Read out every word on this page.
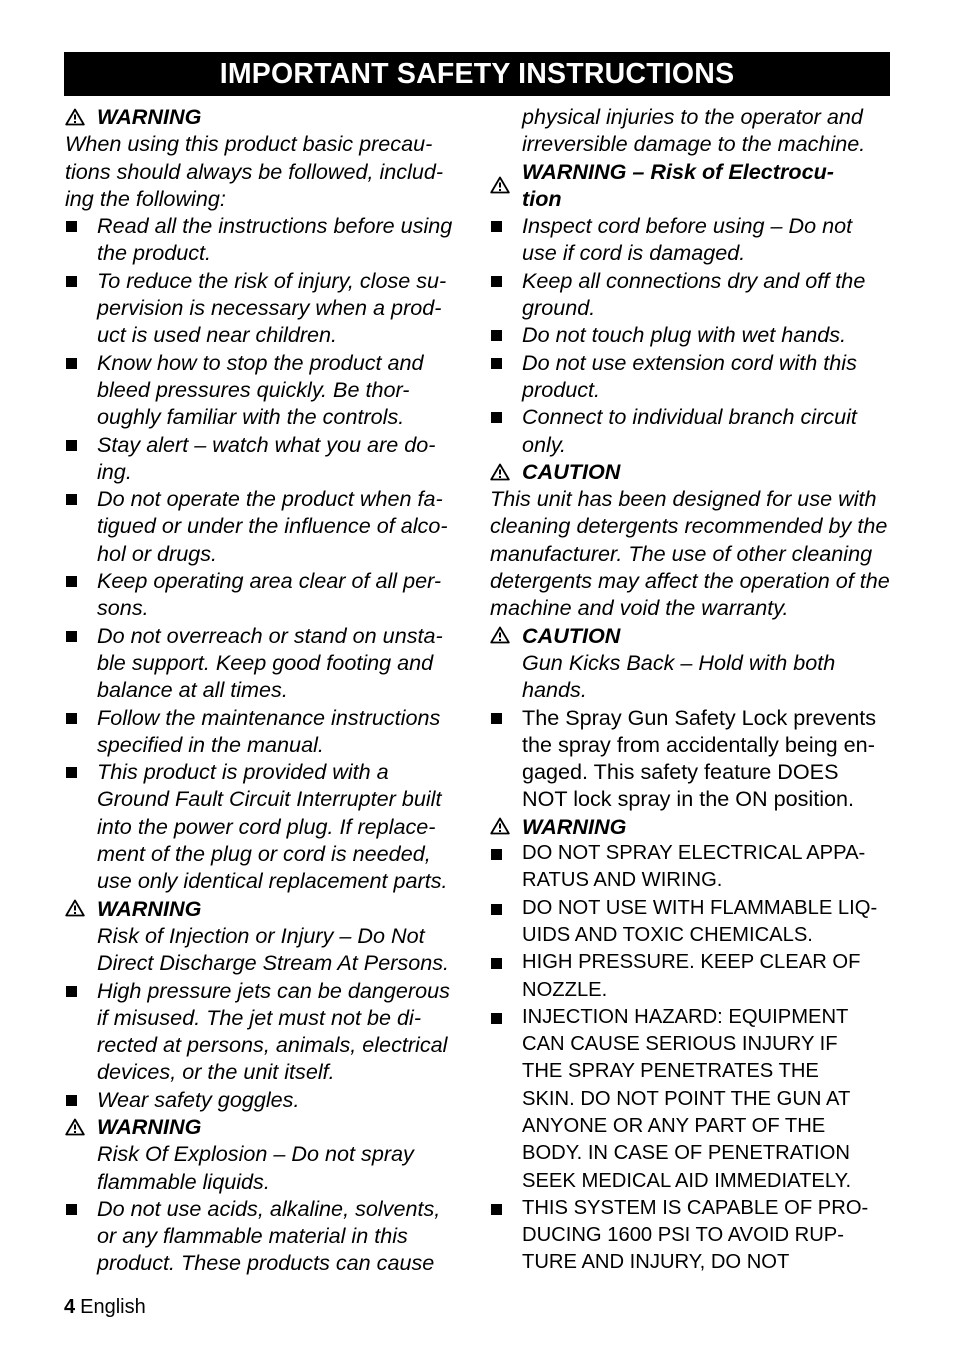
IMPORTANT SAFETY INSTRUCTIONS
WARNING
When using this product basic precau-
tions should always be followed, includ-
ing the following:
Read all the instructions before using
the product.
To reduce the risk of injury, close su-
pervision is necessary when a prod-
uct is used near children.
Know how to stop the product and
bleed pressures quickly. Be thor-
oughly familiar with the controls.
Stay alert – watch what you are do-
ing.
Do not operate the product when fa-
tigued or under the influence of alco-
hol or drugs.
Keep operating area clear of all per-
sons.
Do not overreach or stand on unsta-
ble support. Keep good footing and
balance at all times.
Follow the maintenance instructions
specified in the manual.
This product is provided with a
Ground Fault Circuit Interrupter built
into the power cord plug. If replace-
ment of the plug or cord is needed,
use only identical replacement parts.
WARNING
Risk of Injection or Injury – Do Not
Direct Discharge Stream At Persons.
High pressure jets can be dangerous
if misused. The jet must not be di-
rected at persons, animals, electrical
devices, or the unit itself.
Wear safety goggles.
WARNING
Risk Of Explosion – Do not spray
flammable liquids.
Do not use acids, alkaline, solvents,
or any flammable material in this
product. These products can cause
physical injuries to the operator and
irreversible damage to the machine.
WARNING – Risk of Electrocu-
tion
Inspect cord before using – Do not
use if cord is damaged.
Keep all connections dry and off the
ground.
Do not touch plug with wet hands.
Do not use extension cord with this
product.
Connect to individual branch circuit
only.
CAUTION
This unit has been designed for use with
cleaning detergents recommended by the
manufacturer. The use of other cleaning
detergents may affect the operation of the
machine and void the warranty.
CAUTION
Gun Kicks Back – Hold with both
hands.
The Spray Gun Safety Lock prevents
the spray from accidentally being en-
gaged. This safety feature DOES
NOT lock spray in the ON position.
WARNING
DO NOT SPRAY ELECTRICAL APPA-
RATUS AND WIRING.
DO NOT USE WITH FLAMMABLE LIQ-
UIDS AND TOXIC CHEMICALS.
HIGH PRESSURE. KEEP CLEAR OF
NOZZLE.
INJECTION HAZARD: EQUIPMENT
CAN CAUSE SERIOUS INJURY IF
THE SPRAY PENETRATES THE
SKIN. DO NOT POINT THE GUN AT
ANYONE OR ANY PART OF THE
BODY. IN CASE OF PENETRATION
SEEK MEDICAL AID IMMEDIATELY.
THIS SYSTEM IS CAPABLE OF PRO-
DUCING 1600 PSI TO AVOID RUP-
TURE AND INJURY, DO NOT
4 English
